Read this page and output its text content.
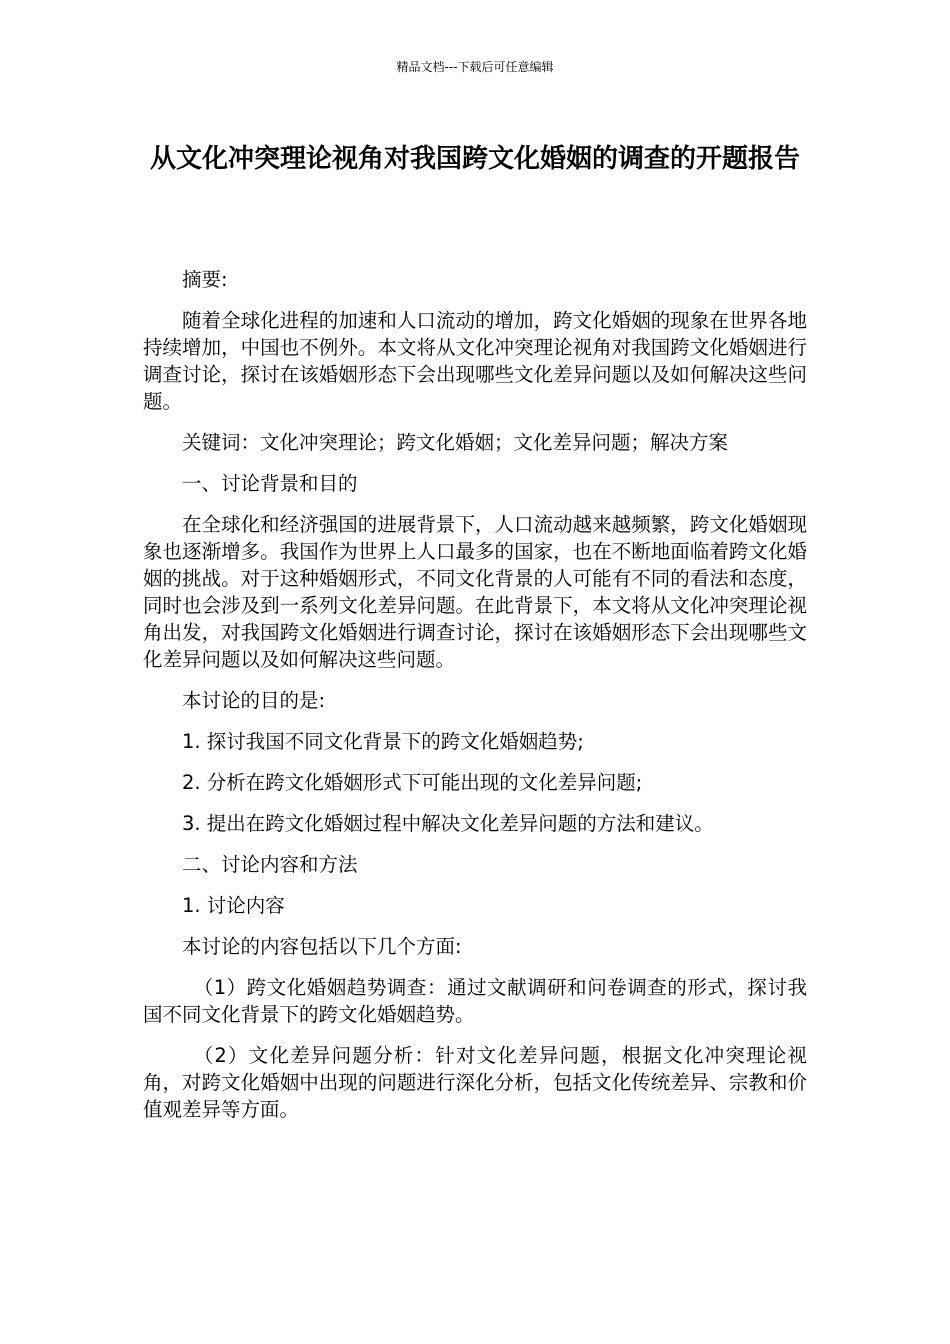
精品文档---下载后可任意编辑
从文化冲突理论视角对我国跨文化婚姻的调查的开题报告

摘要:

随着全球化进程的加速和人口流动的增加，跨文化婚姻的现象在世界各地持续增加，中国也不例外。本文将从文化冲突理论视角对我国跨文化婚姻进行调查讨论，探讨在该婚姻形态下会出现哪些文化差异问题以及如何解决这些问题。

关键词：文化冲突理论；跨文化婚姻；文化差异问题；解决方案

一、讨论背景和目的

在全球化和经济强国的进展背景下，人口流动越来越频繁，跨文化婚姻现象也逐渐增多。我国作为世界上人口最多的国家，也在不断地面临着跨文化婚姻的挑战。对于这种婚姻形式，不同文化背景的人可能有不同的看法和态度，同时也会涉及到一系列文化差异问题。在此背景下，本文将从文化冲突理论视角出发，对我国跨文化婚姻进行调查讨论，探讨在该婚姻形态下会出现哪些文化差异问题以及如何解决这些问题。

本讨论的目的是:

1. 探讨我国不同文化背景下的跨文化婚姻趋势;

2. 分析在跨文化婚姻形式下可能出现的文化差异问题;

3. 提出在跨文化婚姻过程中解决文化差异问题的方法和建议。

二、讨论内容和方法

1. 讨论内容

本讨论的内容包括以下几个方面:

（1）跨文化婚姻趋势调查：通过文献调研和问卷调查的形式，探讨我国不同文化背景下的跨文化婚姻趋势。

（2）文化差异问题分析：针对文化差异问题，根据文化冲突理论视角，对跨文化婚姻中出现的问题进行深化分析，包括文化传统差异、宗教和价值观差异等方面。
